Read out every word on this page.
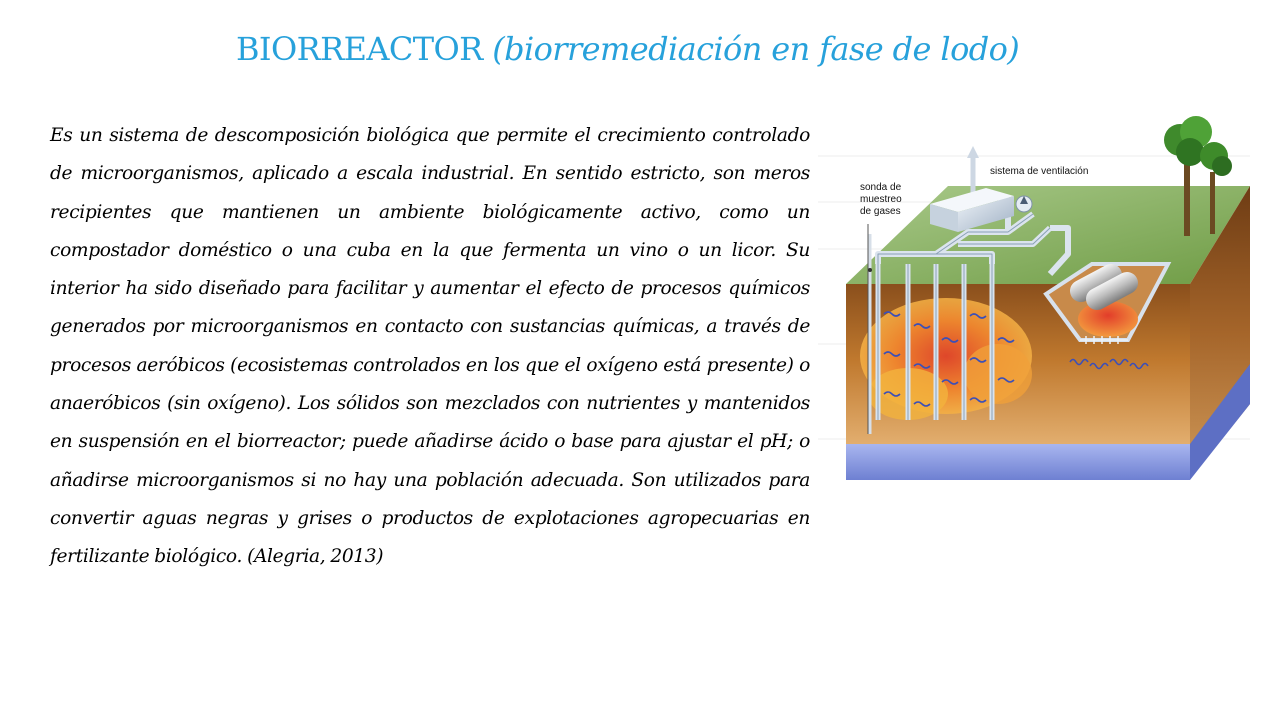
BIORREACTOR (biorremediación en fase de lodo)
Es un sistema de descomposición biológica que permite el crecimiento controlado de microorganismos, aplicado a escala industrial. En sentido estricto, son meros recipientes que mantienen un ambiente biológicamente activo, como un compostador doméstico o una cuba en la que fermenta un vino o un licor. Su interior ha sido diseñado para facilitar y aumentar el efecto de procesos químicos generados por microorganismos en contacto con sustancias químicas, a través de procesos aeróbicos (ecosistemas controlados en los que el oxígeno está presente) o anaeróbicos (sin oxígeno). Los sólidos son mezclados con nutrientes y mantenidos en suspensión en el biorreactor; puede añadirse ácido o base para ajustar el pH; o añadirse microorganismos si no hay una población adecuada. Son utilizados para convertir aguas negras y grises o productos de explotaciones agropecuarias en fertilizante biológico. (Alegria, 2013)
sistema de ventilación
sonda de
muestreo
de gases
